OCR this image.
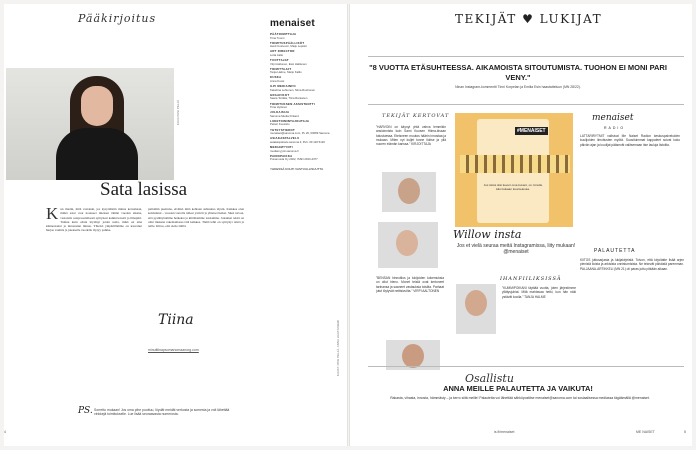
Pääkirjoitus
KUVA PASI PELJÄ
Sata lasissa
Kun mietin, mitä vastaisin, jos kysyttäisiin minua kertomaan, mitkä asiat ovat nousseet mieleen tämän vuoden aikana, vastaisin: sataprosenttisesti syntyneet kaikki kaverit ja ilmapiiri. Tuntuu kuin olisin löytänyt jotain uutta, mikä on aina kiinnostanut ja innostanut minua. Yhteisö ympärillämme on kasvanut hurjaa vauhtia ja jokaiselle vuodelle löytyy paikka.
pulloihin puettuna, eivätkö niitä kohtaan suhtautua täysin. Kaikkea olen kohdannut – vuosien varrella tulleet ystävät ja yhteiset hetket. Siksi toivon, että pysähtyisimme hetkeksi ja kiittäisimme toisiamme. Jokainen teistä on ollut mukana rakentamassa tätä kaikkea. Tämä lehti on syntynyt teistä ja teille. Kiitos, että olette täällä.
Tiina
minuttiinapsomanomaanorg.com
PS. Sorrettu mukaan! Jos oma pihe puuttuu, löydät meidät verkosta ja somesta ja voit lähettää vinkkejä toimitukselle. Lue lisää seuraavasta numerosta.
4
menaiset
PÄÄTOIMITTAJA
Tiina Tuomi
TOIMITUSPÄÄLLIKÖT
Heidi Uusivuori, Maiju Lepistö
ART DIRECTOR
Lotta Aalto
TUOTTAJAT
Virpi Aaltonen, Essi Halttunen
TOIMITTAJAT
Tanja Halme, Marjo Kallio
KUSKA
Anna Kuusi
ILPI MEDIAINFO
Katariina Lehtonen, Niina Ruohonen
GRAAFIKOT
Saara Torikka, Tiina Rantanen
TOIMITUKSEN ASSISTENTTI
Tiina Hytönen
JULKAISIJA
Sanoma Media Finland
LIIKETOIMINTAJOHTAJA
Petteri Kuusisto
YHTEYSTIEDOT
menaiset@sanoma.com, PL 20, 00089 Sanoma
ASIAKASPALVELU
asiakaspalvelu.sanoma.fi, Puh. 09 120 5120
MEDIAMYYNTI
mediamyynti.sanoma.fi
PAINOPAIKKA
Punamusta Oy 2022, ISSN 2323-4377
YHDESSÄ KOHTI VASTUULLISUUTTA
KUVAT: PASI PELJÄ, ANNA HAUTANIEMI
TEKIJÄT ♥ LUKIJAT
"8 VUOTTA ETÄSUHTEESSA. AIKAMOISTA SITOUTUMISTA. TUOHON EI MONI PARI VENY."
Ninan Instagram-kommentti Tinni Korpelan ja Emilia Esin haastatteluun (MN 28/22).
TEKIJÄT KERTOVAT
"HARVOIN on käynyt yhtä vahva lemmikin ansioinnista kuin Sami Kuosen Hiima-kissan tutustuessa. Eteisneen muutos häärin innostaa ja mukaan. Miten nyt kuljet tunne iloitse ja yllä nuoren elämän kanssa." KIRJOITTAJA
#MENAISET
Jos tämä olisi keveri oma kuvani, on minulle kävi kukaan kuuntelevaa.
menaiset
RADIO
LATTARIRYTMIT vallsivat Me Naiset Radion keskuspalveluiden kuulijoiden ilmoitusten myötä. Suosituimmat kappaleet soivat koko päivän ajan ja kuulijat pääsevät valitsemaan itse lauluja listoilta.
"BENSAN hinnoitlus ja lukijoiden kokemuksia on ollut hieno. Monet teistä ovat kertoneet tarinansa ja saaneet vastauksia toisilta. Parhaat jutut löytyvät nettisivuilta." VIRPI AALTONEN
Willow insta
Jos et vielä seuraa meitä Instagramissa, liity mukaan! @menaiset
IHANFIILIKSISSÄ
"KUMMIPOIKANI täyttää vuotta, joten järjestimme yllätysjuhlat. Mitä mahtavaa hetki, kun hän näki ystävät koolla." TANJA HALME
PALAUTETTA
KIITOS juttusarjasta ja lukijakirjeistä. Toivon, että kirjoitatte lisää arjen pienistä iloista ja arkisista onnistumisista. Ne tekevät päivästä paremman. PALJAANA-ARTIKKELI (MN 21) oli paras juttu pitkään aikaan.
Osallistu
ANNA MEILLE PALAUTETTA JA VAIKUTA!
Rakasta, vihasta, innosta, hämmästy – ja kerro siitä meille! Palautetta voi lähettää sähköpostitse menaiset@sanoma.com tai sosiaalisessa mediassa tägäämällä @menaiset.
is.fi/menaiset	ME NAISET	5
